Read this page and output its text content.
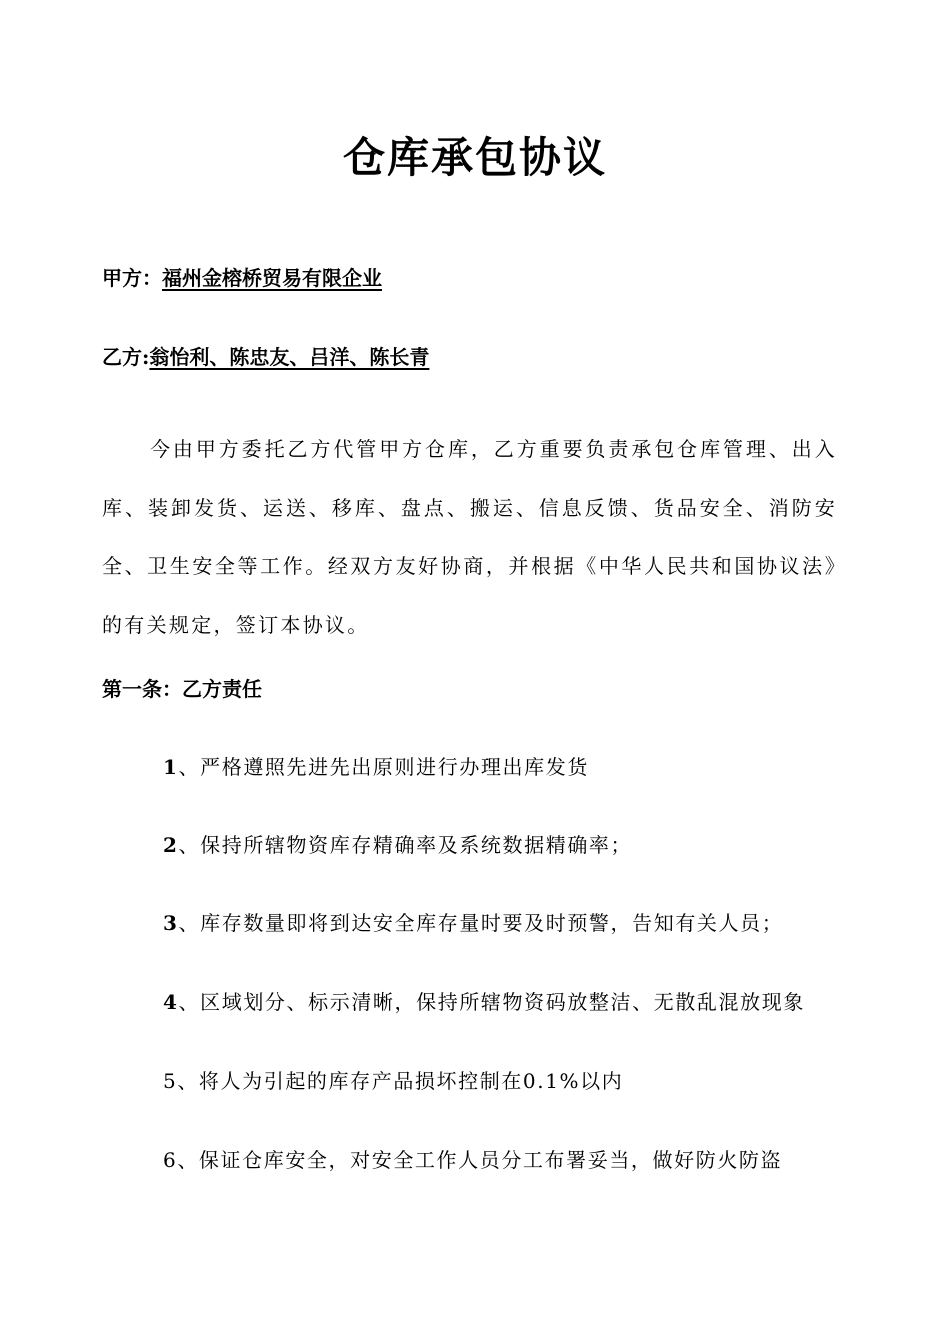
仓库承包协议
甲方：福州金榕桥贸易有限企业
乙方:翁怡利、陈忠友、吕洋、陈长青

今由甲方委托乙方代管甲方仓库，乙方重要负责承包仓库管理、出入库、装卸发货、运送、移库、盘点、搬运、信息反馈、货品安全、消防安全、卫生安全等工作。经双方友好协商，并根据《中华人民共和国协议法》的有关规定，签订本协议。

第一条：乙方责任
1、严格遵照先进先出原则进行办理出库发货
2、保持所辖物资库存精确率及系统数据精确率；
3、库存数量即将到达安全库存量时要及时预警，告知有关人员；
4、区域划分、标示清晰，保持所辖物资码放整洁、无散乱混放现象
5、将人为引起的库存产品损坏控制在0.1%以内
6、保证仓库安全，对安全工作人员分工布署妥当，做好防火防盗
